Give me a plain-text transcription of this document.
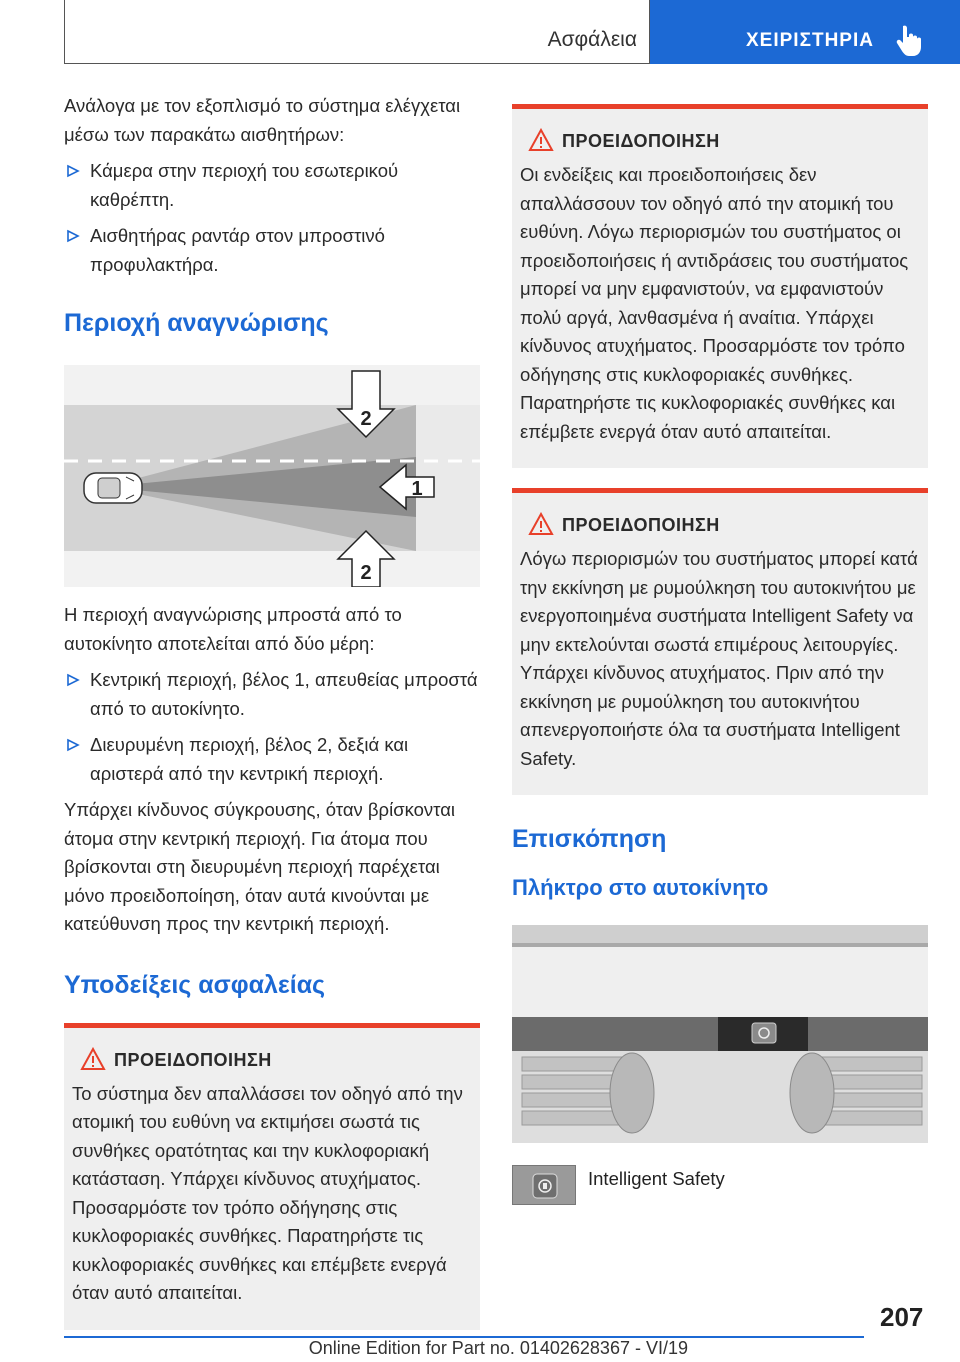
Ασφάλεια	ΧΕΙΡΙΣΤΗΡΙΑ

Ανάλογα με τον εξοπλισμό το σύστημα ελέγχεται μέσω των παρακάτω αισθητήρων:

Κάμερα στην περιοχή του εσωτερικού καθρέπτη.
Αισθητήρας ραντάρ στον μπροστινό προφυλακτήρα.
Περιοχή αναγνώρισης
2
1
2

Η περιοχή αναγνώρισης μπροστά από το αυτοκίνητο αποτελείται από δύο μέρη:

Κεντρική περιοχή, βέλος 1, απευθείας μπροστά από το αυτοκίνητο.
Διευρυμένη περιοχή, βέλος 2, δεξιά και αριστερά από την κεντρική περιοχή.

Υπάρχει κίνδυνος σύγκρουσης, όταν βρίσκονται άτομα στην κεντρική περιοχή. Για άτομα που βρίσκονται στη διευρυμένη περιοχή παρέχεται μόνο προειδοποίηση, όταν αυτά κινούνται με κατεύθυνση προς την κεντρική περιοχή.

Υποδείξεις ασφαλείας
ΠΡΟΕΙΔΟΠΟΙΗΣΗ

Το σύστημα δεν απαλλάσσει τον οδηγό από την ατομική του ευθύνη να εκτιμήσει σωστά τις συνθήκες ορατότητας και την κυκλοφοριακή κατάσταση. Υπάρχει κίνδυνος ατυχήματος. Προσαρμόστε τον τρόπο οδήγησης στις κυκλοφοριακές συνθήκες. Παρατηρήστε τις κυκλοφοριακές συνθήκες και επέμβετε ενεργά όταν αυτό απαιτείται.

ΠΡΟΕΙΔΟΠΟΙΗΣΗ

Οι ενδείξεις και προειδοποιήσεις δεν απαλλάσσουν τον οδηγό από την ατομική του ευθύνη. Λόγω περιορισμών του συστήματος οι προειδοποιήσεις ή αντιδράσεις του συστήματος μπορεί να μην εμφανιστούν, να εμφανιστούν πολύ αργά, λανθασμένα ή αναίτια. Υπάρχει κίνδυνος ατυχήματος. Προσαρμόστε τον τρόπο οδήγησης στις κυκλοφοριακές συνθήκες. Παρατηρήστε τις κυκλοφοριακές συνθήκες και επέμβετε ενεργά όταν αυτό απαιτείται.

ΠΡΟΕΙΔΟΠΟΙΗΣΗ

Λόγω περιορισμών του συστήματος μπορεί κατά την εκκίνηση με ρυμούλκηση του αυτοκινήτου με ενεργοποιημένα συστήματα Intelligent Safety να μην εκτελούνται σωστά επιμέρους λειτουργίες. Υπάρχει κίνδυνος ατυχήματος. Πριν από την εκκίνηση με ρυμούλκηση του αυτοκινήτου απενεργοποιήστε όλα τα συστήματα Intelligent Safety.

Επισκόπηση
Πλήκτρο στο αυτοκίνητο
Intelligent Safety
207
Online Edition for Part no. 01402628367 - VI/19
